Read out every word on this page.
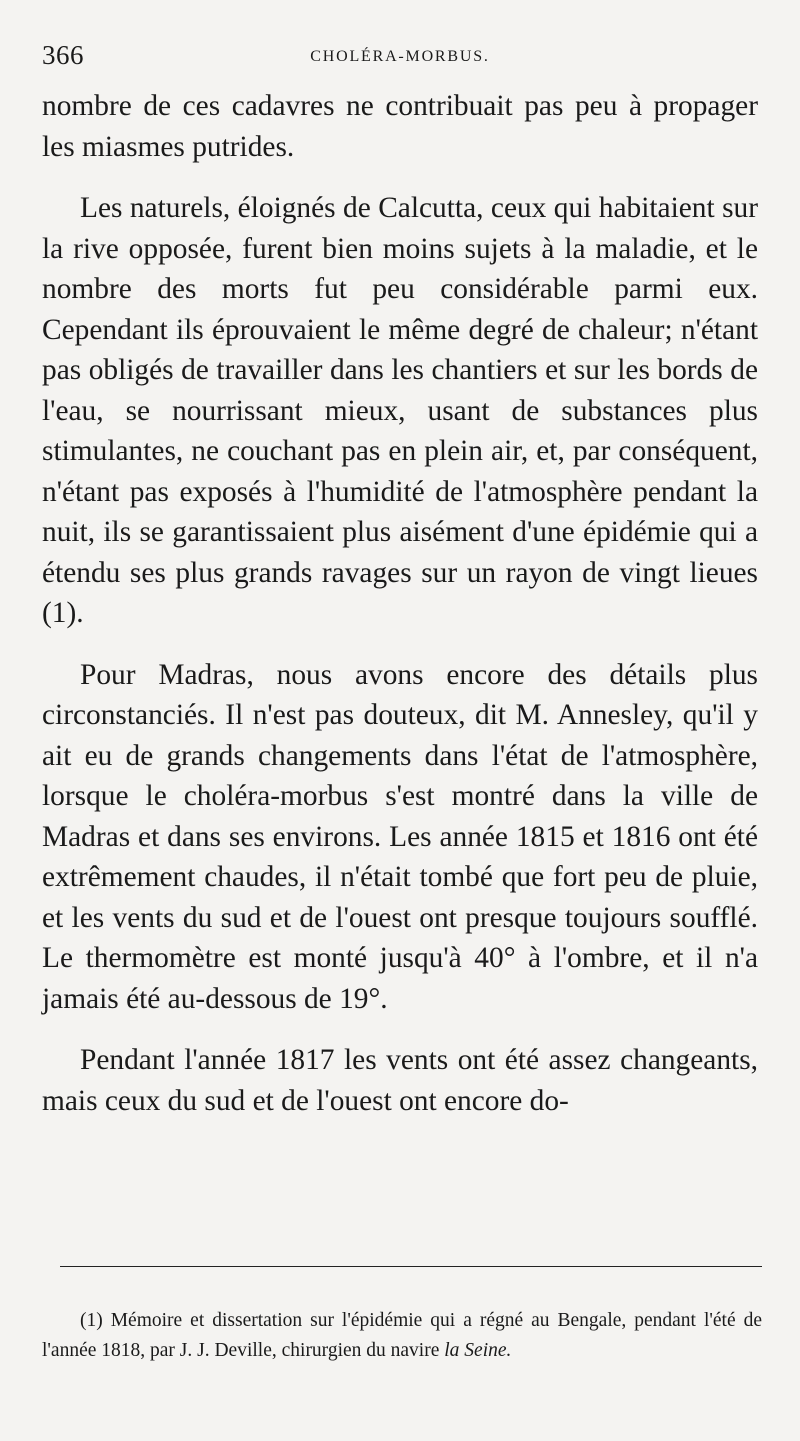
366	CHOLÉRA-MORBUS.

nombre de ces cadavres ne contribuait pas peu à propager les miasmes putrides.

Les naturels, éloignés de Calcutta, ceux qui habitaient sur la rive opposée, furent bien moins sujets à la maladie, et le nombre des morts fut peu considérable parmi eux. Cependant ils éprouvaient le même degré de chaleur; n'étant pas obligés de travailler dans les chantiers et sur les bords de l'eau, se nourrissant mieux, usant de substances plus stimulantes, ne couchant pas en plein air, et, par conséquent, n'étant pas exposés à l'humidité de l'atmosphère pendant la nuit, ils se garantissaient plus aisément d'une épidémie qui a étendu ses plus grands ravages sur un rayon de vingt lieues (1).

Pour Madras, nous avons encore des détails plus circonstanciés. Il n'est pas douteux, dit M. Annesley, qu'il y ait eu de grands changements dans l'état de l'atmosphère, lorsque le choléra-morbus s'est montré dans la ville de Madras et dans ses environs. Les année 1815 et 1816 ont été extrêmement chaudes, il n'était tombé que fort peu de pluie, et les vents du sud et de l'ouest ont presque toujours soufflé. Le thermomètre est monté jusqu'à 40° à l'ombre, et il n'a jamais été au-dessous de 19°.

Pendant l'année 1817 les vents ont été assez changeants, mais ceux du sud et de l'ouest ont encore do-

(1) Mémoire et dissertation sur l'épidémie qui a régné au Bengale, pendant l'été de l'année 1818, par J. J. Deville, chirurgien du navire la Seine.
